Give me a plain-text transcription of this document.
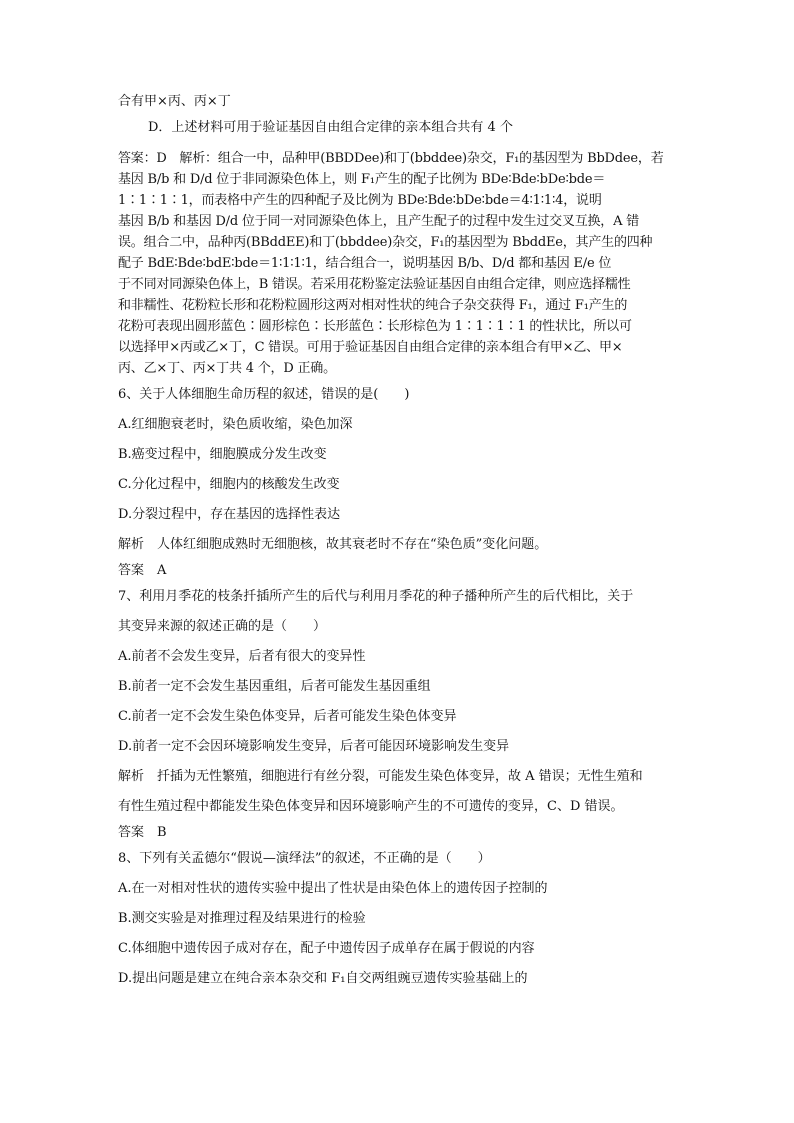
合有甲×丙、丙×丁

D．上述材料可用于验证基因自由组合定律的亲本组合共有 4 个

答案：D　解析：组合一中，品种甲(BBDDee)和丁(bbddee)杂交，F₁的基因型为 BbDdee，若

基因 B/b 和 D/d 位于非同源染色体上，则 F₁产生的配子比例为 BDe∶Bde∶bDe∶bde＝

1∶1∶1∶1，而表格中产生的四种配子及比例为 BDe∶Bde∶bDe∶bde＝4∶1∶1∶4，说明

基因 B/b 和基因 D/d 位于同一对同源染色体上，且产生配子的过程中发生过交叉互换，A 错

误。组合二中，品种丙(BBddEE)和丁(bbddee)杂交，F₁的基因型为 BbddEe，其产生的四种

配子 BdE∶Bde∶bdE∶bde＝1∶1∶1∶1，结合组合一，说明基因 B/b、D/d 都和基因 E/e 位

于不同对同源染色体上，B 错误。若采用花粉鉴定法验证基因自由组合定律，则应选择糯性

和非糯性、花粉粒长形和花粉粒圆形这两对相对性状的纯合子杂交获得 F₁，通过 F₁产生的

花粉可表现出圆形蓝色∶圆形棕色∶长形蓝色∶长形棕色为 1∶1∶1∶1 的性状比，所以可

以选择甲×丙或乙×丁，C 错误。可用于验证基因自由组合定律的亲本组合有甲×乙、甲×

丙、乙×丁、丙×丁共 4 个，D 正确。

6、关于人体细胞生命历程的叙述，错误的是(　　)

A.红细胞衰老时，染色质收缩，染色加深

B.癌变过程中，细胞膜成分发生改变

C.分化过程中，细胞内的核酸发生改变

D.分裂过程中，存在基因的选择性表达

解析　人体红细胞成熟时无细胞核，故其衰老时不存在“染色质”变化问题。

答案　A

7、利用月季花的枝条扦插所产生的后代与利用月季花的种子播种所产生的后代相比，关于

其变异来源的叙述正确的是（　　）

A.前者不会发生变异，后者有很大的变异性

B.前者一定不会发生基因重组，后者可能发生基因重组

C.前者一定不会发生染色体变异，后者可能发生染色体变异

D.前者一定不会因环境影响发生变异，后者可能因环境影响发生变异

解析　扦插为无性繁殖，细胞进行有丝分裂，可能发生染色体变异，故 A 错误；无性生殖和

有性生殖过程中都能发生染色体变异和因环境影响产生的不可遗传的变异，C、D 错误。

答案　B

8、下列有关孟德尔“假说—演绎法”的叙述，不正确的是（　　）

A.在一对相对性状的遗传实验中提出了性状是由染色体上的遗传因子控制的

B.测交实验是对推理过程及结果进行的检验

C.体细胞中遗传因子成对存在，配子中遗传因子成单存在属于假说的内容

D.提出问题是建立在纯合亲本杂交和 F₁自交两组豌豆遗传实验基础上的
